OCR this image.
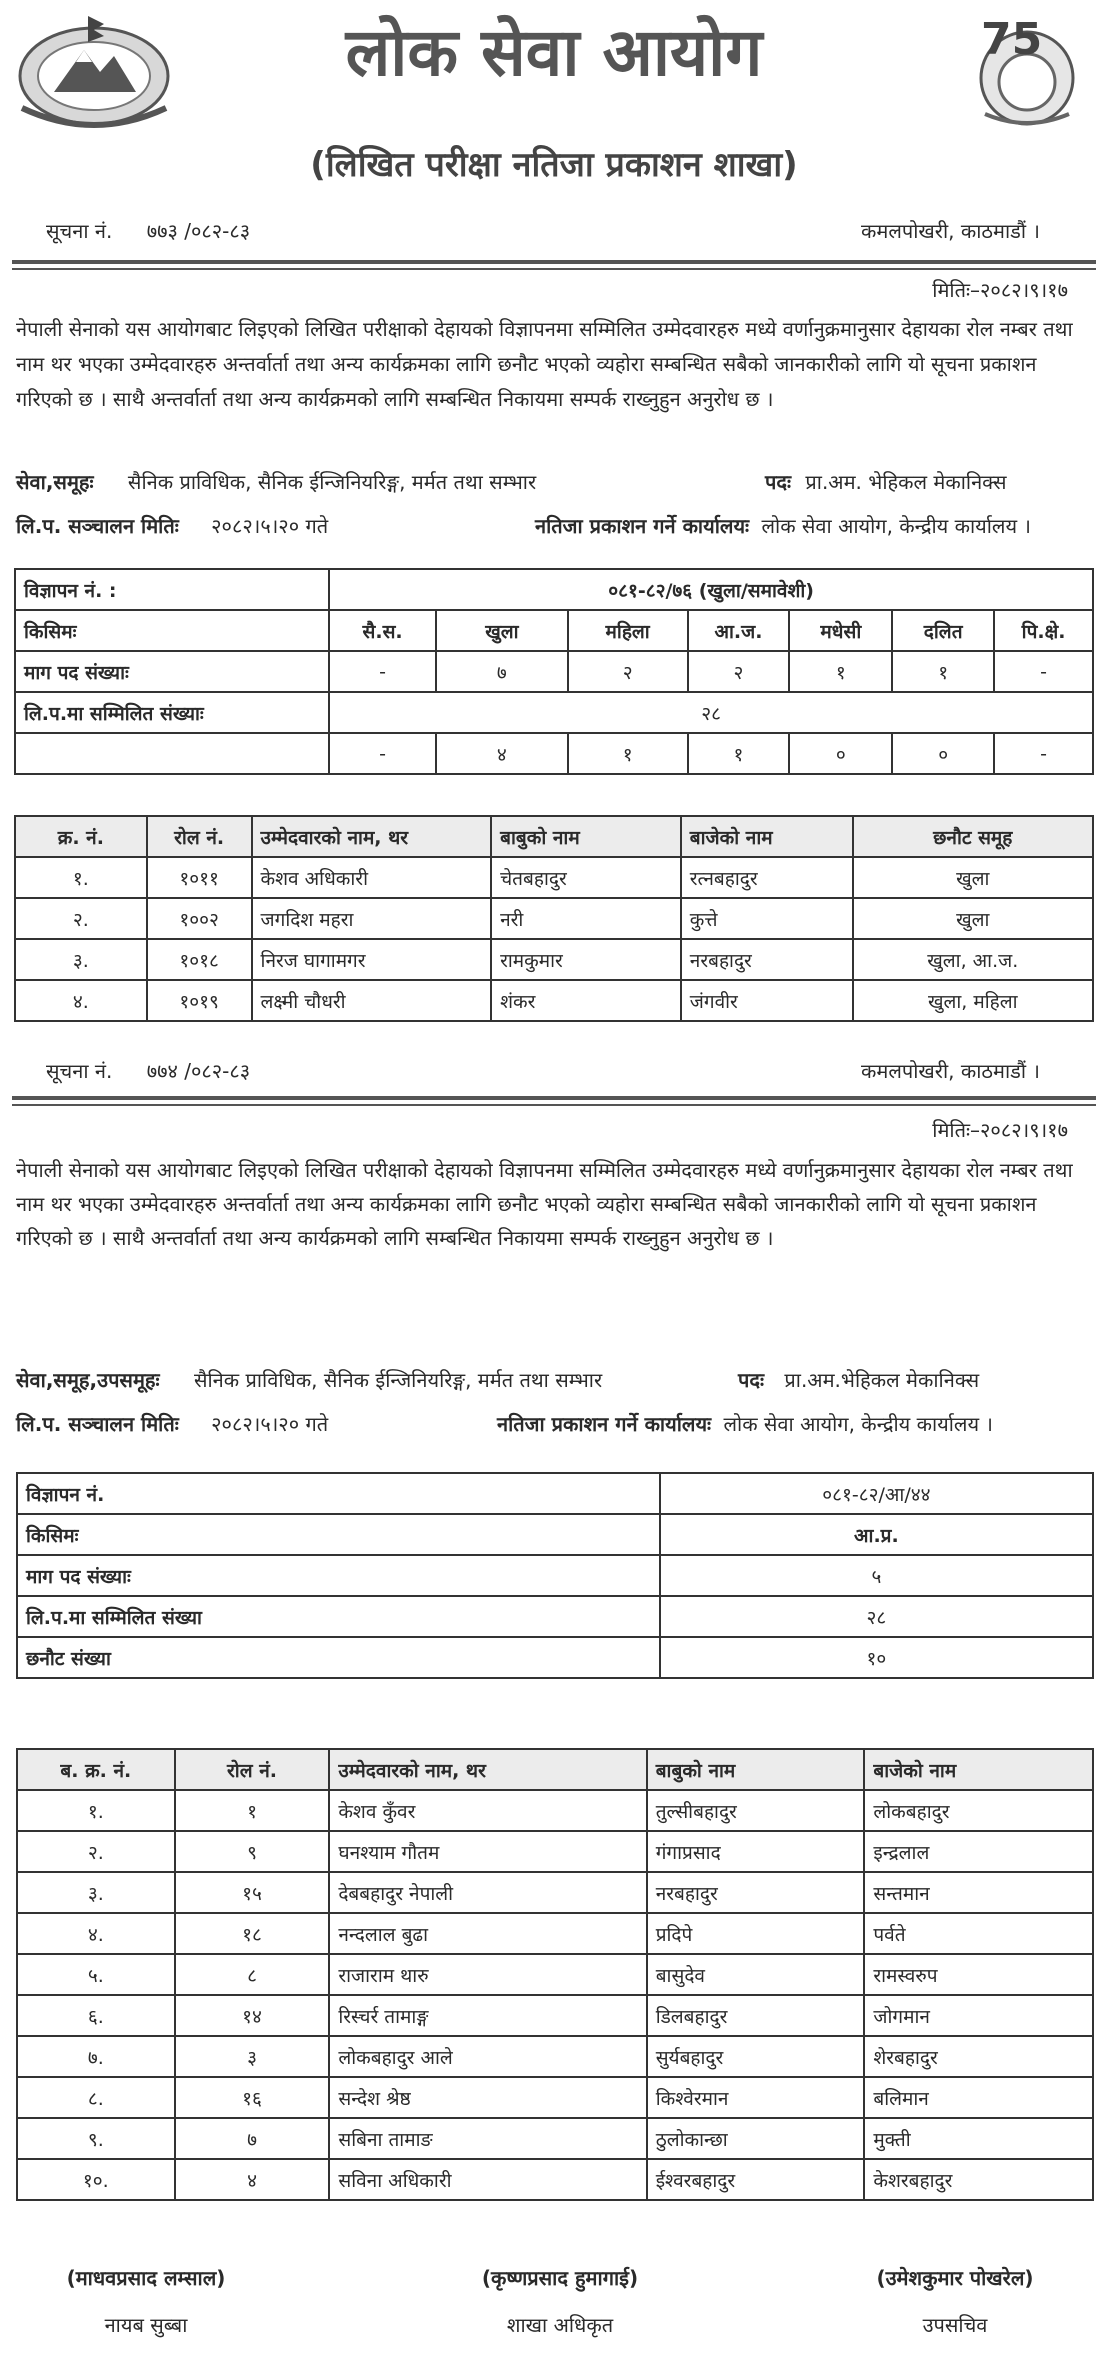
75
लोक सेवा आयोग
(लिखित परीक्षा नतिजा प्रकाशन शाखा)
सूचना नं. ७७३ /०८२-८३	कमलपोखरी, काठमाडौं ।
मितिः–२०८२।९।१७
नेपाली सेनाको यस आयोगबाट लिइएको लिखित परीक्षाको देहायको विज्ञापनमा सम्मिलित उम्मेदवारहरु मध्ये वर्णानुक्रमानुसार देहायका रोल नम्बर तथा नाम थर भएका उम्मेदवारहरु अन्तर्वार्ता तथा अन्य कार्यक्रमका लागि छनौट भएको व्यहोरा सम्बन्धित सबैको जानकारीको लागि यो सूचना प्रकाशन गरिएको छ । साथै अन्तर्वार्ता तथा अन्य कार्यक्रमको लागि सम्बन्धित निकायमा सम्पर्क राख्नुहुन अनुरोध छ ।
सेवा,समूहः सैनिक प्राविधिक, सैनिक ईन्जिनियरिङ्ग, मर्मत तथा सम्भार	पदः प्रा.अम. भेहिकल मेकानिक्स
लि.प. सञ्चालन मितिः २०८२।५।२० गते	नतिजा प्रकाशन गर्ने कार्यालयः लोक सेवा आयोग, केन्द्रीय कार्यालय ।
विज्ञापन नं. :	०८१-८२/७६ (खुला/समावेशी)						
किसिमः	सै.स.	खुला	महिला	आ.ज.	मधेसी	दलित	पि.क्षे.
माग पद संख्याः	-	७	२	२	१	१	-
लि.प.मा सम्मिलित संख्याः	२८						
	-	४	१	१	०	०	-
क्र. नं.	रोल नं.	उम्मेदवारको नाम, थर	बाबुको नाम	बाजेको नाम	छनौट समूह
१.	१०११	केशव अधिकारी	चेतबहादुर	रत्नबहादुर	खुला
२.	१००२	जगदिश महरा	नरी	कुत्ते	खुला
३.	१०१८	निरज घागामगर	रामकुमार	नरबहादुर	खुला, आ.ज.
४.	१०१९	लक्ष्मी चौधरी	शंकर	जंगवीर	खुला, महिला
सूचना नं. ७७४ /०८२-८३	कमलपोखरी, काठमाडौं ।
मितिः–२०८२।९।१७
नेपाली सेनाको यस आयोगबाट लिइएको लिखित परीक्षाको देहायको विज्ञापनमा सम्मिलित उम्मेदवारहरु मध्ये वर्णानुक्रमानुसार देहायका रोल नम्बर तथा नाम थर भएका उम्मेदवारहरु अन्तर्वार्ता तथा अन्य कार्यक्रमका लागि छनौट भएको व्यहोरा सम्बन्धित सबैको जानकारीको लागि यो सूचना प्रकाशन गरिएको छ । साथै अन्तर्वार्ता तथा अन्य कार्यक्रमको लागि सम्बन्धित निकायमा सम्पर्क राख्नुहुन अनुरोध छ ।
सेवा,समूह,उपसमूहः सैनिक प्राविधिक, सैनिक ईन्जिनियरिङ्ग, मर्मत तथा सम्भार	पदः प्रा.अम.भेहिकल मेकानिक्स
लि.प. सञ्चालन मितिः २०८२।५।२० गते	नतिजा प्रकाशन गर्ने कार्यालयः लोक सेवा आयोग, केन्द्रीय कार्यालय ।
विज्ञापन नं.	०८१-८२/आ/४४
किसिमः	आ.प्र.
माग पद संख्याः	५
लि.प.मा सम्मिलित संख्या	२८
छनौट संख्या	१०
ब. क्र. नं.	रोल नं.	उम्मेदवारको नाम, थर	बाबुको नाम	बाजेको नाम
१.	१	केशव कुँवर	तुल्सीबहादुर	लोकबहादुर
२.	९	घनश्याम गौतम	गंगाप्रसाद	इन्द्रलाल
३.	१५	देबबहादुर नेपाली	नरबहादुर	सन्तमान
४.	१८	नन्दलाल बुढा	प्रदिपे	पर्वते
५.	८	राजाराम थारु	बासुदेव	रामस्वरुप
६.	१४	रिस्चर्र तामाङ्ग	डिलबहादुर	जोगमान
७.	३	लोकबहादुर आले	सुर्यबहादुर	शेरबहादुर
८.	१६	सन्देश श्रेष्ठ	किश्वेरमान	बलिमान
९.	७	सबिना तामाङ	ठुलोकान्छा	मुक्ती
१०.	४	सविना अधिकारी	ईश्वरबहादुर	केशरबहादुर
(माधवप्रसाद लम्साल)
नायब सुब्बा
(कृष्णप्रसाद हुमागाई)
शाखा अधिकृत
(उमेशकुमार पोखरेल)
उपसचिव
